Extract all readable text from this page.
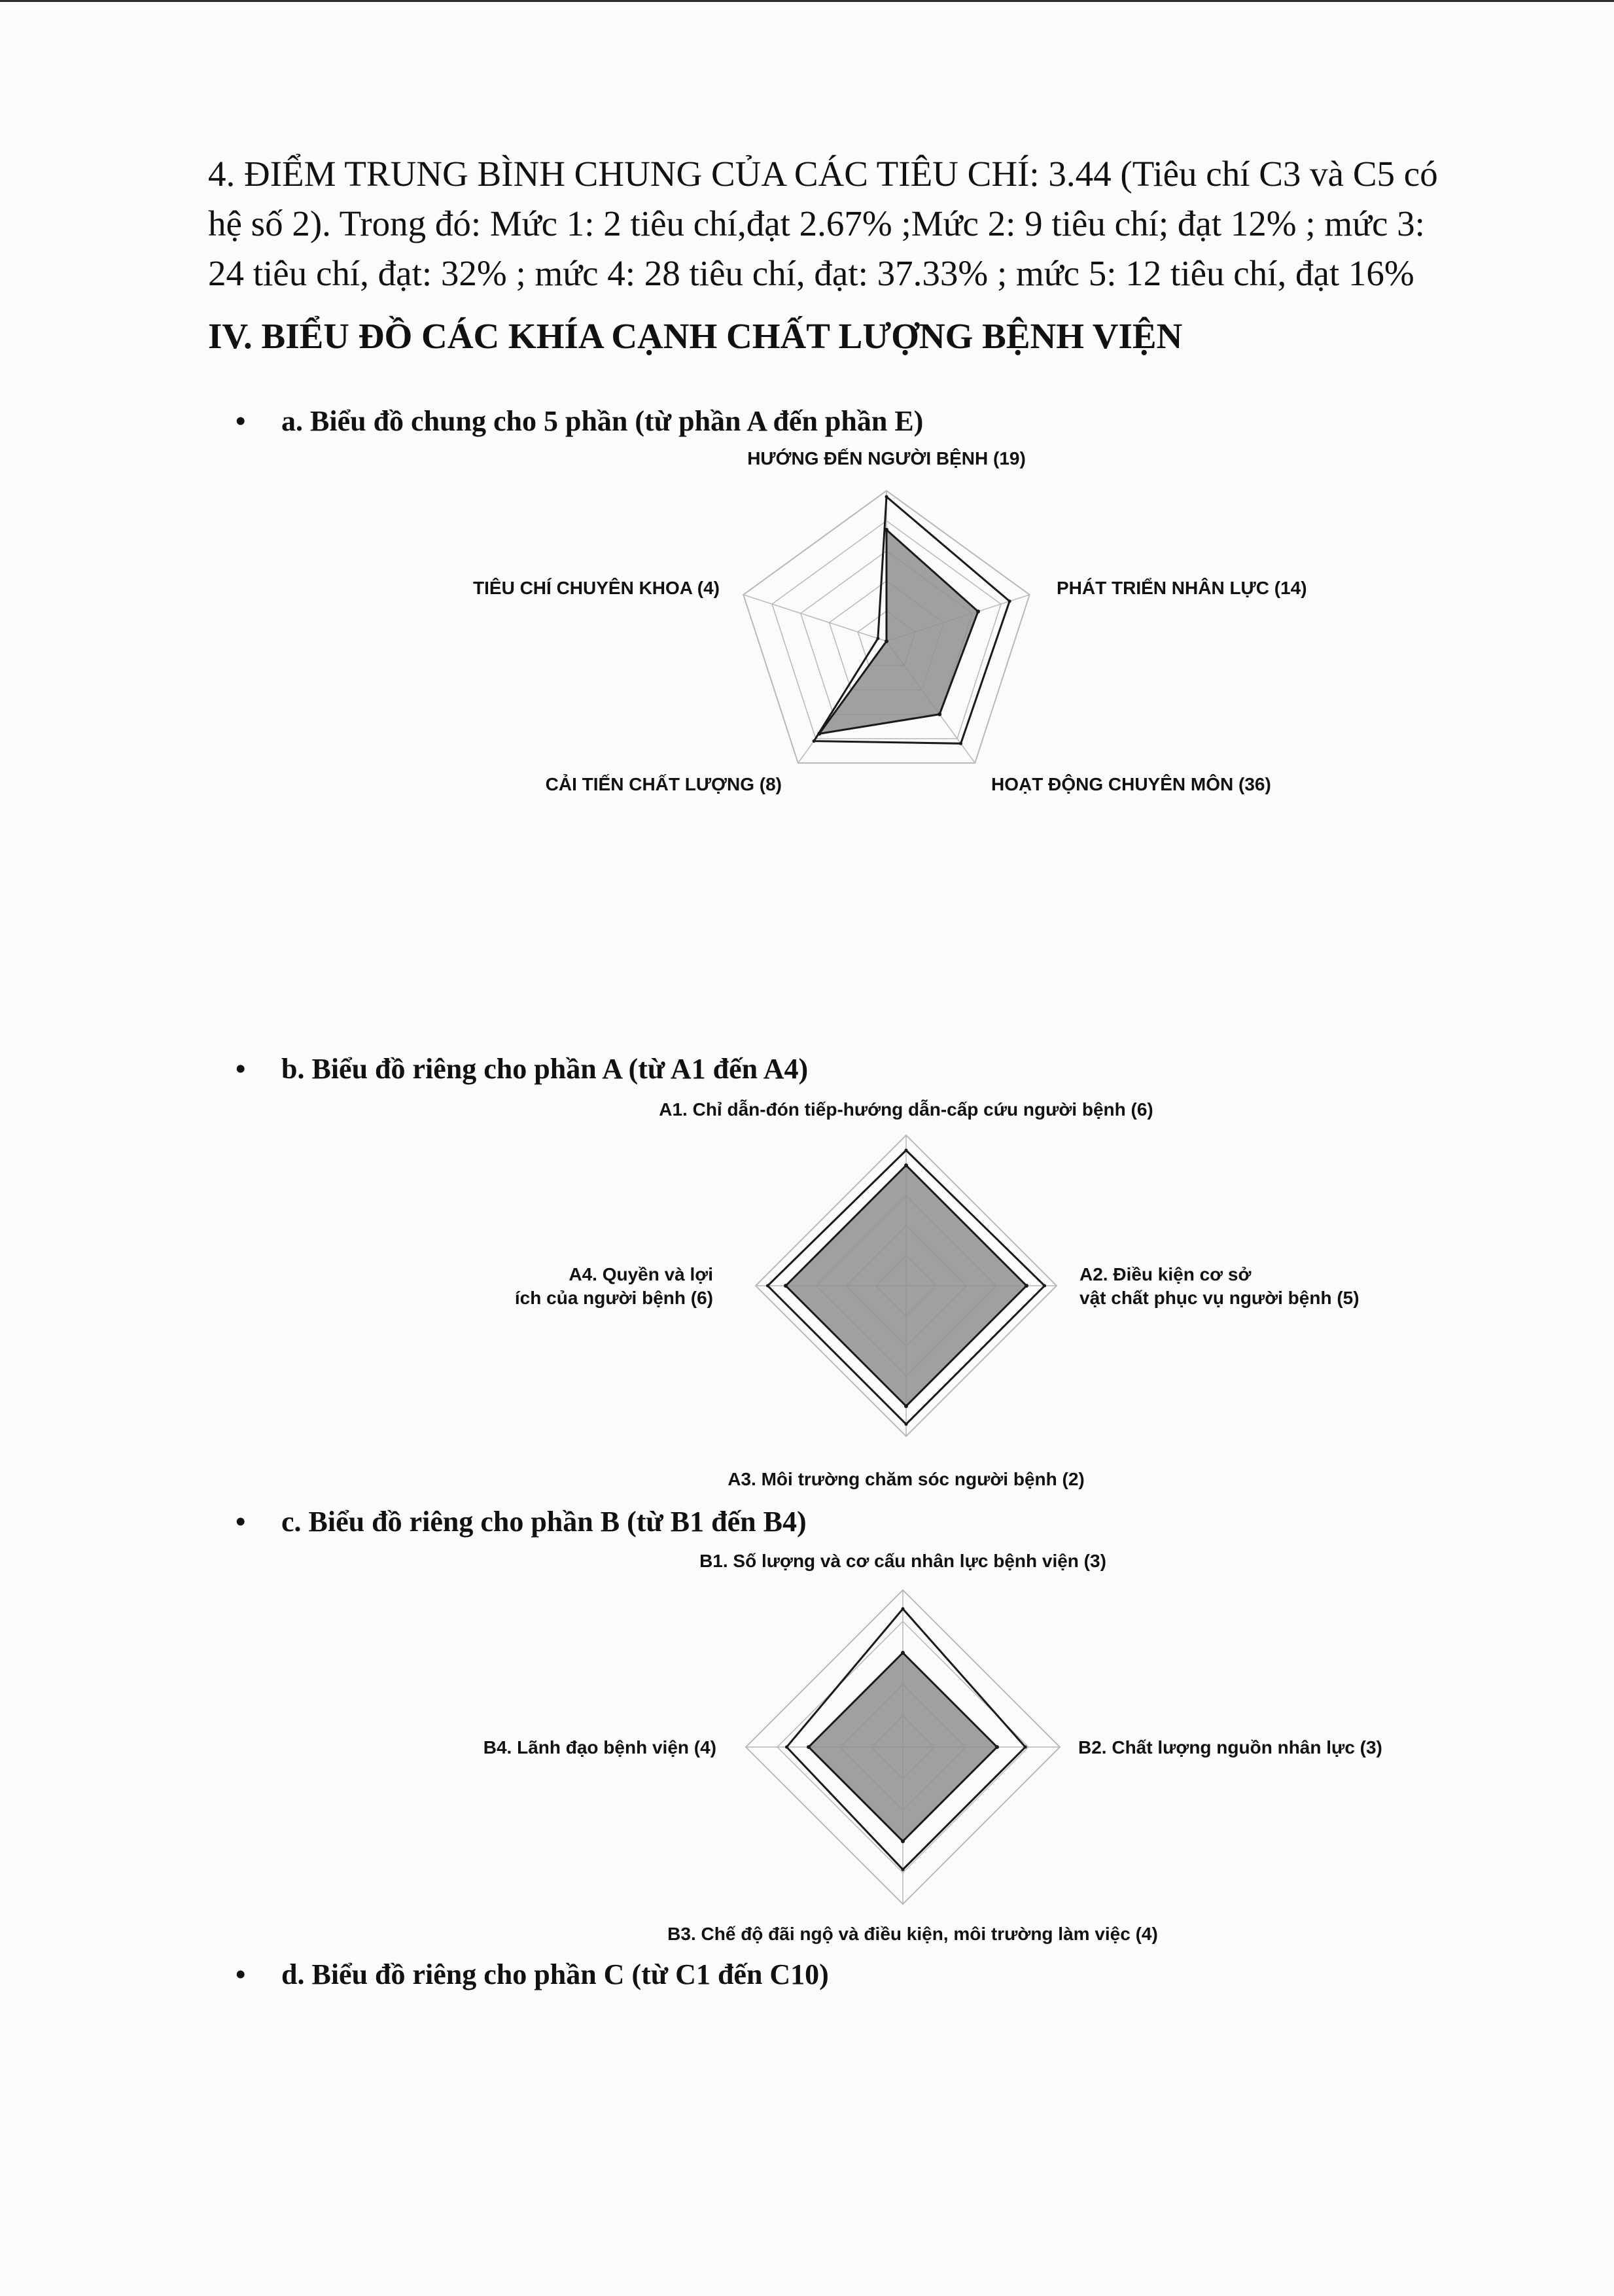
4. ĐIỂM TRUNG BÌNH CHUNG CỦA CÁC TIÊU CHÍ: 3.44 (Tiêu chí C3 và C5 có
hệ số 2). Trong đó: Mức 1: 2 tiêu chí,đạt 2.67% ;Mức 2: 9 tiêu chí; đạt 12% ; mức 3:
24 tiêu chí, đạt: 32% ; mức 4: 28 tiêu chí, đạt: 37.33% ; mức 5: 12 tiêu chí, đạt 16%
IV. BIỂU ĐỒ CÁC KHÍA CẠNH CHẤT LƯỢNG BỆNH VIỆN
• a. Biểu đồ chung cho 5 phần (từ phần A đến phần E)
HƯỚNG ĐẾN NGƯỜI BỆNH (19)
PHÁT TRIỂN NHÂN LỰC (14)
HOẠT ĐỘNG CHUYÊN MÔN (36)
CẢI TIẾN CHẤT LƯỢNG (8)
TIÊU CHÍ CHUYÊN KHOA (4)
• b. Biểu đồ riêng cho phần A (từ A1 đến A4)
A1. Chỉ dẫn-đón tiếp-hướng dẫn-cấp cứu người bệnh (6)
A2. Điều kiện cơ sở vật chất phục vụ người bệnh (5)
A3. Môi trường chăm sóc người bệnh (2)
A4. Quyền và lợi ích của người bệnh (6)
• c. Biểu đồ riêng cho phần B (từ B1 đến B4)
B1. Số lượng và cơ cấu nhân lực bệnh viện (3)
B2. Chất lượng nguồn nhân lực (3)
B3. Chế độ đãi ngộ và điều kiện, môi trường làm việc (4)
B4. Lãnh đạo bệnh viện (4)
• d. Biểu đồ riêng cho phần C (từ C1 đến C10)
